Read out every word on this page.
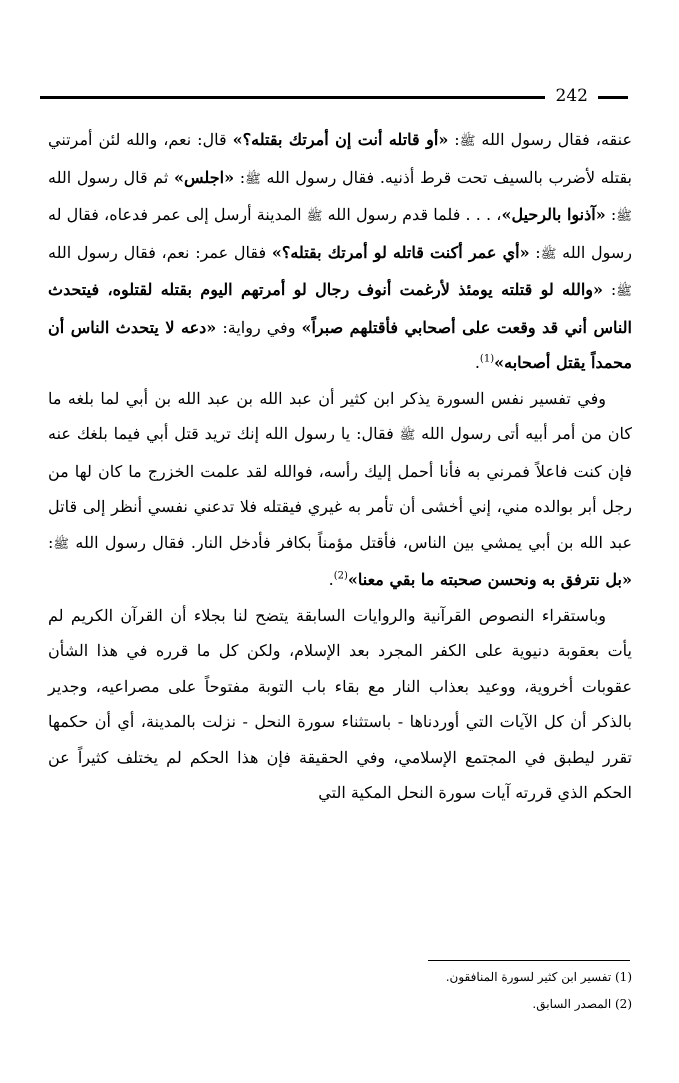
242

عنقه، فقال رسول الله ﷺ: «أو قاتله أنت إن أمرتك بقتله؟» قال: نعم، والله لئن أمرتني بقتله لأضرب بالسيف تحت قرط أذنيه. فقال رسول الله ﷺ: «اجلس» ثم قال رسول الله ﷺ: «آذنوا بالرحيل»، . . . فلما قدم رسول الله ﷺ المدينة أرسل إلى عمر فدعاه، فقال له رسول الله ﷺ: «أي عمر أكنت قاتله لو أمرتك بقتله؟» فقال عمر: نعم، فقال رسول الله ﷺ: «والله لو قتلته يومئذ لأرغمت أنوف رجال لو أمرتهم اليوم بقتله لقتلوه، فيتحدث الناس أني قد وقعت على أصحابي فأقتلهم صبراً» وفي رواية: «دعه لا يتحدث الناس أن محمداً يقتل أصحابه»$^{(1)}$.

وفي تفسير نفس السورة يذكر ابن كثير أن عبد الله بن عبد الله بن أبي لما بلغه ما كان من أمر أبيه أتى رسول الله ﷺ فقال: يا رسول الله إنك تريد قتل أبي فيما بلغك عنه فإن كنت فاعلاً فمرني به فأنا أحمل إليك رأسه، فوالله لقد علمت الخزرج ما كان لها من رجل أبر بوالده مني، إني أخشى أن تأمر به غيري فيقتله فلا تدعني نفسي أنظر إلى قاتل عبد الله بن أبي يمشي بين الناس، فأقتل مؤمناً بكافر فأدخل النار. فقال رسول الله ﷺ: «بل نترفق به ونحسن صحبته ما بقي معنا»$^{(2)}$.

وباستقراء النصوص القرآنية والروايات السابقة يتضح لنا بجلاء أن القرآن الكريم لم يأت بعقوبة دنيوية على الكفر المجرد بعد الإسلام، ولكن كل ما قرره في هذا الشأن عقوبات أخروية، ووعيد بعذاب النار مع بقاء باب التوبة مفتوحاً على مصراعيه، وجدير بالذكر أن كل الآيات التي أوردناها - باستثناء سورة النحل - نزلت بالمدينة، أي أن حكمها تقرر ليطبق في المجتمع الإسلامي، وفي الحقيقة فإن هذا الحكم لم يختلف كثيراً عن الحكم الذي قررته آيات سورة النحل المكية التي

(1) تفسير ابن كثير لسورة المنافقون.

(2) المصدر السابق.
